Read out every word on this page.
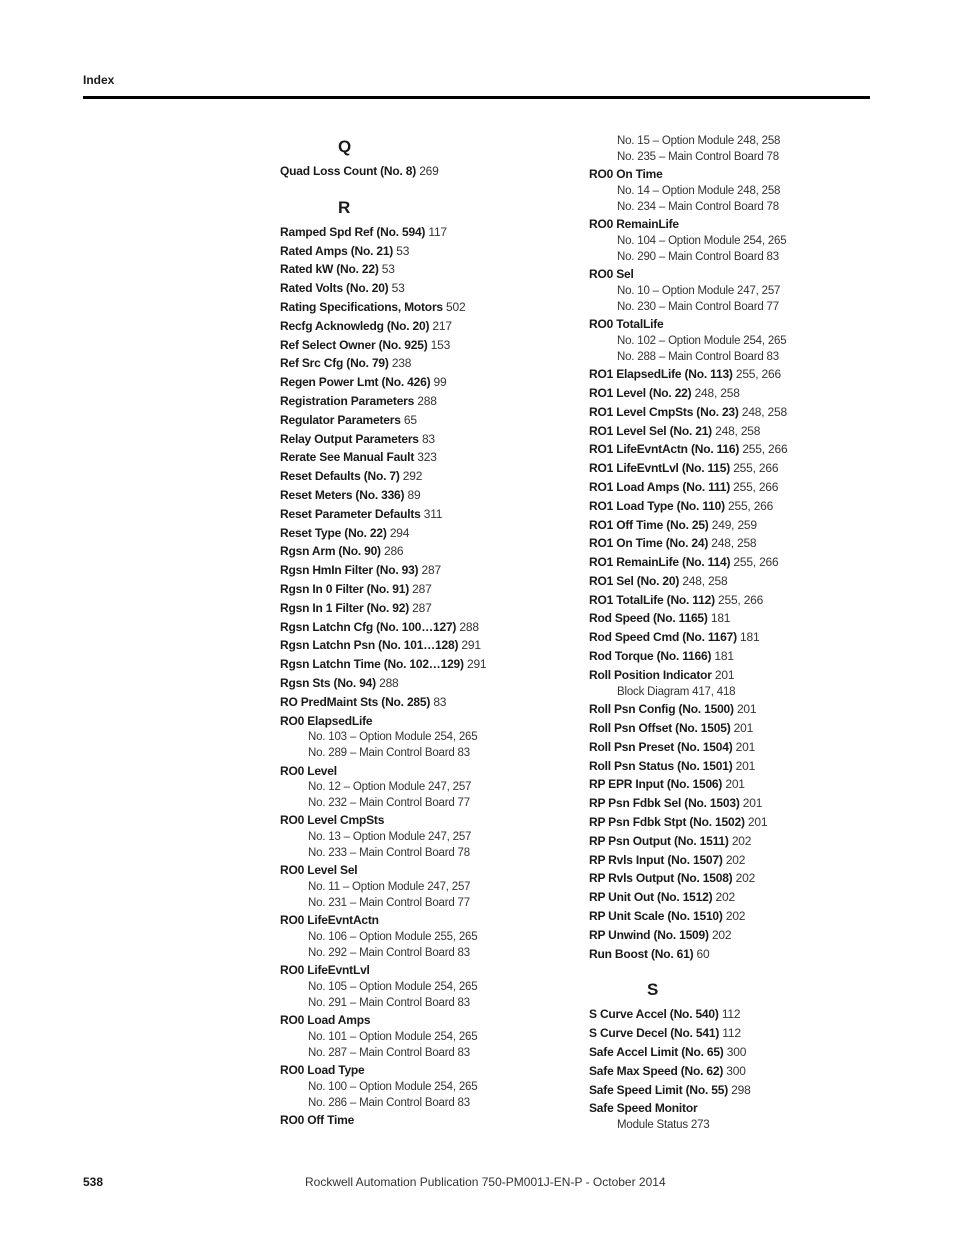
Index
Q
Quad Loss Count (No. 8) 269
R
Ramped Spd Ref (No. 594) 117
Rated Amps (No. 21) 53
Rated kW (No. 22) 53
Rated Volts (No. 20) 53
Rating Specifications, Motors 502
Recfg Acknowledg (No. 20) 217
Ref Select Owner (No. 925) 153
Ref Src Cfg (No. 79) 238
Regen Power Lmt (No. 426) 99
Registration Parameters 288
Regulator Parameters 65
Relay Output Parameters 83
Rerate See Manual Fault 323
Reset Defaults (No. 7) 292
Reset Meters (No. 336) 89
Reset Parameter Defaults 311
Reset Type (No. 22) 294
Rgsn Arm (No. 90) 286
Rgsn HmIn Filter (No. 93) 287
Rgsn In 0 Filter (No. 91) 287
Rgsn In 1 Filter (No. 92) 287
Rgsn Latchn Cfg (No. 100…127) 288
Rgsn Latchn Psn (No. 101…128) 291
Rgsn Latchn Time (No. 102…129) 291
Rgsn Sts (No. 94) 288
RO PredMaint Sts (No. 285) 83
RO0 ElapsedLife
No. 103 – Option Module 254, 265
No. 289 – Main Control Board 83
RO0 Level
No. 12 – Option Module 247, 257
No. 232 – Main Control Board 77
RO0 Level CmpSts
No. 13 – Option Module 247, 257
No. 233 – Main Control Board 78
RO0 Level Sel
No. 11 – Option Module 247, 257
No. 231 – Main Control Board 77
RO0 LifeEvntActn
No. 106 – Option Module 255, 265
No. 292 – Main Control Board 83
RO0 LifeEvntLvl
No. 105 – Option Module 254, 265
No. 291 – Main Control Board 83
RO0 Load Amps
No. 101 – Option Module 254, 265
No. 287 – Main Control Board 83
RO0 Load Type
No. 100 – Option Module 254, 265
No. 286 – Main Control Board 83
RO0 Off Time
No. 15 – Option Module 248, 258
No. 235 – Main Control Board 78
RO0 On Time
No. 14 – Option Module 248, 258
No. 234 – Main Control Board 78
RO0 RemainLife
No. 104 – Option Module 254, 265
No. 290 – Main Control Board 83
RO0 Sel
No. 10 – Option Module 247, 257
No. 230 – Main Control Board 77
RO0 TotalLife
No. 102 – Option Module 254, 265
No. 288 – Main Control Board 83
RO1 ElapsedLife (No. 113) 255, 266
RO1 Level (No. 22) 248, 258
RO1 Level CmpSts (No. 23) 248, 258
RO1 Level Sel (No. 21) 248, 258
RO1 LifeEvntActn (No. 116) 255, 266
RO1 LifeEvntLvl (No. 115) 255, 266
RO1 Load Amps (No. 111) 255, 266
RO1 Load Type (No. 110) 255, 266
RO1 Off Time (No. 25) 249, 259
RO1 On Time (No. 24) 248, 258
RO1 RemainLife (No. 114) 255, 266
RO1 Sel (No. 20) 248, 258
RO1 TotalLife (No. 112) 255, 266
Rod Speed (No. 1165) 181
Rod Speed Cmd (No. 1167) 181
Rod Torque (No. 1166) 181
Roll Position Indicator 201
Block Diagram 417, 418
Roll Psn Config (No. 1500) 201
Roll Psn Offset (No. 1505) 201
Roll Psn Preset (No. 1504) 201
Roll Psn Status (No. 1501) 201
RP EPR Input (No. 1506) 201
RP Psn Fdbk Sel (No. 1503) 201
RP Psn Fdbk Stpt (No. 1502) 201
RP Psn Output (No. 1511) 202
RP Rvls Input (No. 1507) 202
RP Rvls Output (No. 1508) 202
RP Unit Out (No. 1512) 202
RP Unit Scale (No. 1510) 202
RP Unwind (No. 1509) 202
Run Boost (No. 61) 60
S
S Curve Accel (No. 540) 112
S Curve Decel (No. 541) 112
Safe Accel Limit (No. 65) 300
Safe Max Speed (No. 62) 300
Safe Speed Limit (No. 55) 298
Safe Speed Monitor
Module Status 273
538	Rockwell Automation Publication 750-PM001J-EN-P - October 2014
